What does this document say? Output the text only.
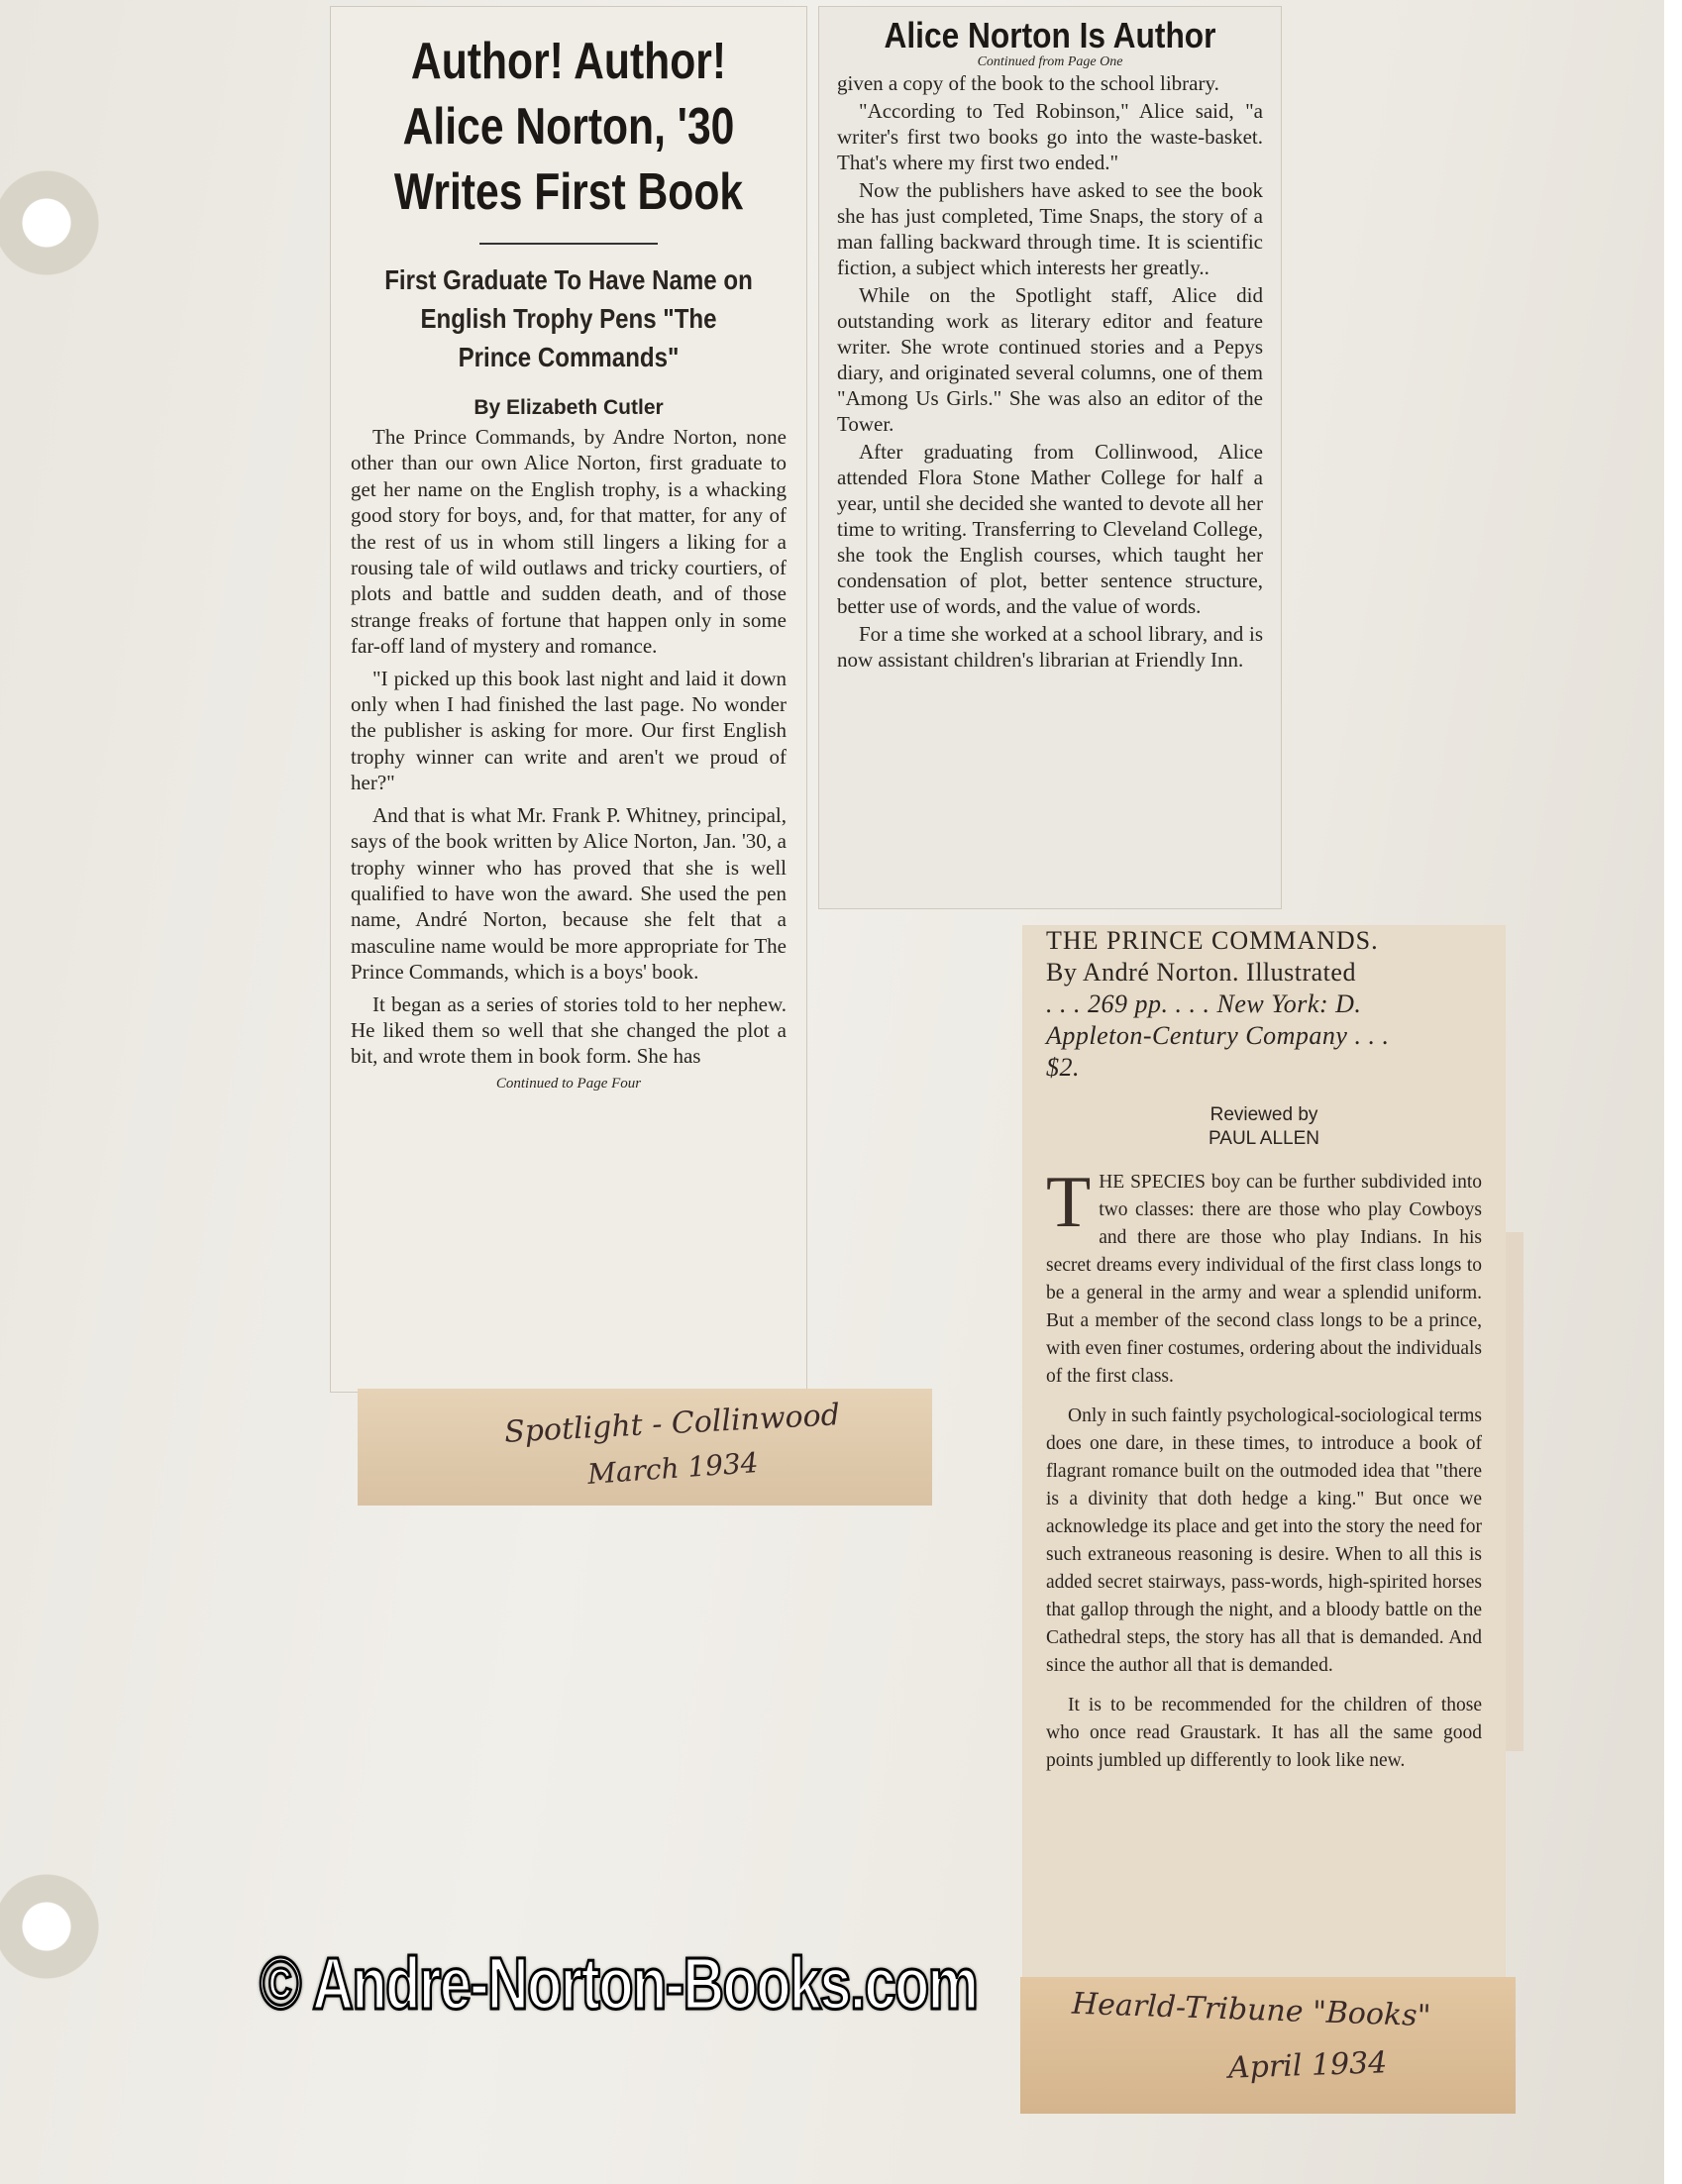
Author! Author!
Alice Norton, '30
Writes First Book
First Graduate To Have Name on
English Trophy Pens "The
Prince Commands"
By Elizabeth Cutler

The Prince Commands, by Andre Norton, none other than our own Alice Norton, first graduate to get her name on the English trophy, is a whacking good story for boys, and, for that matter, for any of the rest of us in whom still lingers a liking for a rousing tale of wild outlaws and tricky courtiers, of plots and battle and sudden death, and of those strange freaks of fortune that happen only in some far-off land of mystery and romance.

"I picked up this book last night and laid it down only when I had finished the last page. No wonder the publisher is asking for more. Our first English trophy winner can write and aren't we proud of her?"

And that is what Mr. Frank P. Whitney, principal, says of the book written by Alice Norton, Jan. '30, a trophy winner who has proved that she is well qualified to have won the award. She used the pen name, André Norton, because she felt that a masculine name would be more appropriate for The Prince Commands, which is a boys' book.

It began as a series of stories told to her nephew. He liked them so well that she changed the plot a bit, and wrote them in book form. She has

Continued to Page Four
Alice Norton Is Author
Continued from Page One

given a copy of the book to the school library.

"According to Ted Robinson," Alice said, "a writer's first two books go into the waste-basket. That's where my first two ended."

Now the publishers have asked to see the book she has just completed, Time Snaps, the story of a man falling backward through time. It is scientific fiction, a subject which interests her greatly..

While on the Spotlight staff, Alice did outstanding work as literary editor and feature writer. She wrote continued stories and a Pepys diary, and originated several columns, one of them "Among Us Girls." She was also an editor of the Tower.

After graduating from Collinwood, Alice attended Flora Stone Mather College for half a year, until she decided she wanted to devote all her time to writing. Transferring to Cleveland College, she took the English courses, which taught her condensation of plot, better sentence structure, better use of words, and the value of words.

For a time she worked at a school library, and is now assistant children's librarian at Friendly Inn.

Spotlight - Collinwood
March 1934
THE PRINCE COMMANDS.
By André Norton. Illustrated
. . . 269 pp. . . . New York: D.
Appleton-Century Company . . .
$2.
Reviewed by
PAUL ALLEN

THE SPECIES boy can be further subdivided into two classes: there are those who play Cowboys and there are those who play Indians. In his secret dreams every individual of the first class longs to be a general in the army and wear a splendid uniform. But a member of the second class longs to be a prince, with even finer costumes, ordering about the individuals of the first class.

Only in such faintly psychological-sociological terms does one dare, in these times, to introduce a book of flagrant romance built on the outmoded idea that "there is a divinity that doth hedge a king." But once we acknowledge its place and get into the story the need for such extraneous reasoning is desire. When to all this is added secret stairways, pass-words, high-spirited horses that gallop through the night, and a bloody battle on the Cathedral steps, the story has all that is demanded. And since the author all that is demanded.

It is to be recommended for the children of those who once read Graustark. It has all the same good points jumbled up differently to look like new.

Hearld-Tribune "Books"
April 1934
© Andre-Norton-Books.com
